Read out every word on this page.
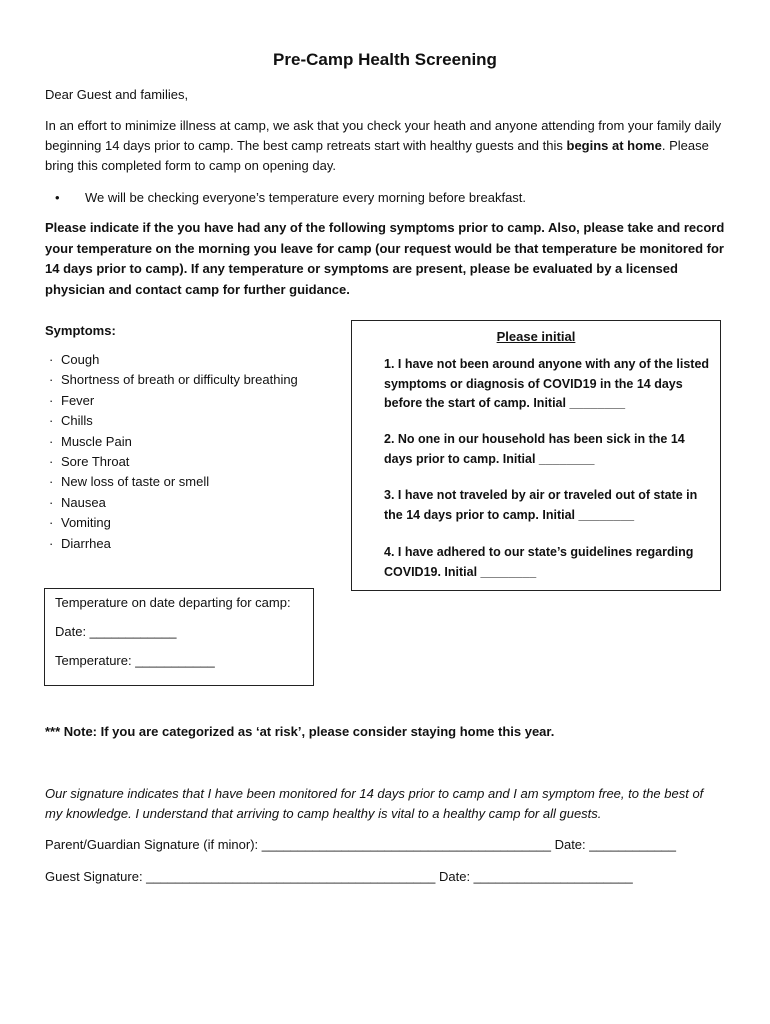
Pre-Camp Health Screening
Dear Guest and families,
In an effort to minimize illness at camp, we ask that you check your heath and anyone attending from your family daily beginning 14 days prior to camp. The best camp retreats start with healthy guests and this begins at home. Please bring this completed form to camp on opening day.
• We will be checking everyone’s temperature every morning before breakfast.
Please indicate if the you have had any of the following symptoms prior to camp. Also, please take and record your temperature on the morning you leave for camp (our request would be that temperature be monitored for 14 days prior to camp). If any temperature or symptoms are present, please be evaluated by a licensed physician and contact camp for further guidance.
Symptoms:
· Cough
· Shortness of breath or difficulty breathing
· Fever
· Chills
· Muscle Pain
· Sore Throat
· New loss of taste or smell
· Nausea
· Vomiting
· Diarrhea
Please initial
1. I have not been around anyone with any of the listed symptoms or diagnosis of COVID19 in the 14 days before the start of camp. Initial ________
2. No one in our household has been sick in the 14 days prior to camp. Initial ________
3. I have not traveled by air or traveled out of state in the 14 days prior to camp. Initial ________
4. I have adhered to our state’s guidelines regarding COVID19. Initial ________
Temperature on date departing for camp:
Date: ____________
Temperature: ___________
*** Note: If you are categorized as ‘at risk’, please consider staying home this year.
Our signature indicates that I have been monitored for 14 days prior to camp and I am symptom free, to the best of my knowledge. I understand that arriving to camp healthy is vital to a healthy camp for all guests.
Parent/Guardian Signature (if minor): ________________________________________ Date: ____________
Guest Signature: ________________________________________ Date: ______________________
